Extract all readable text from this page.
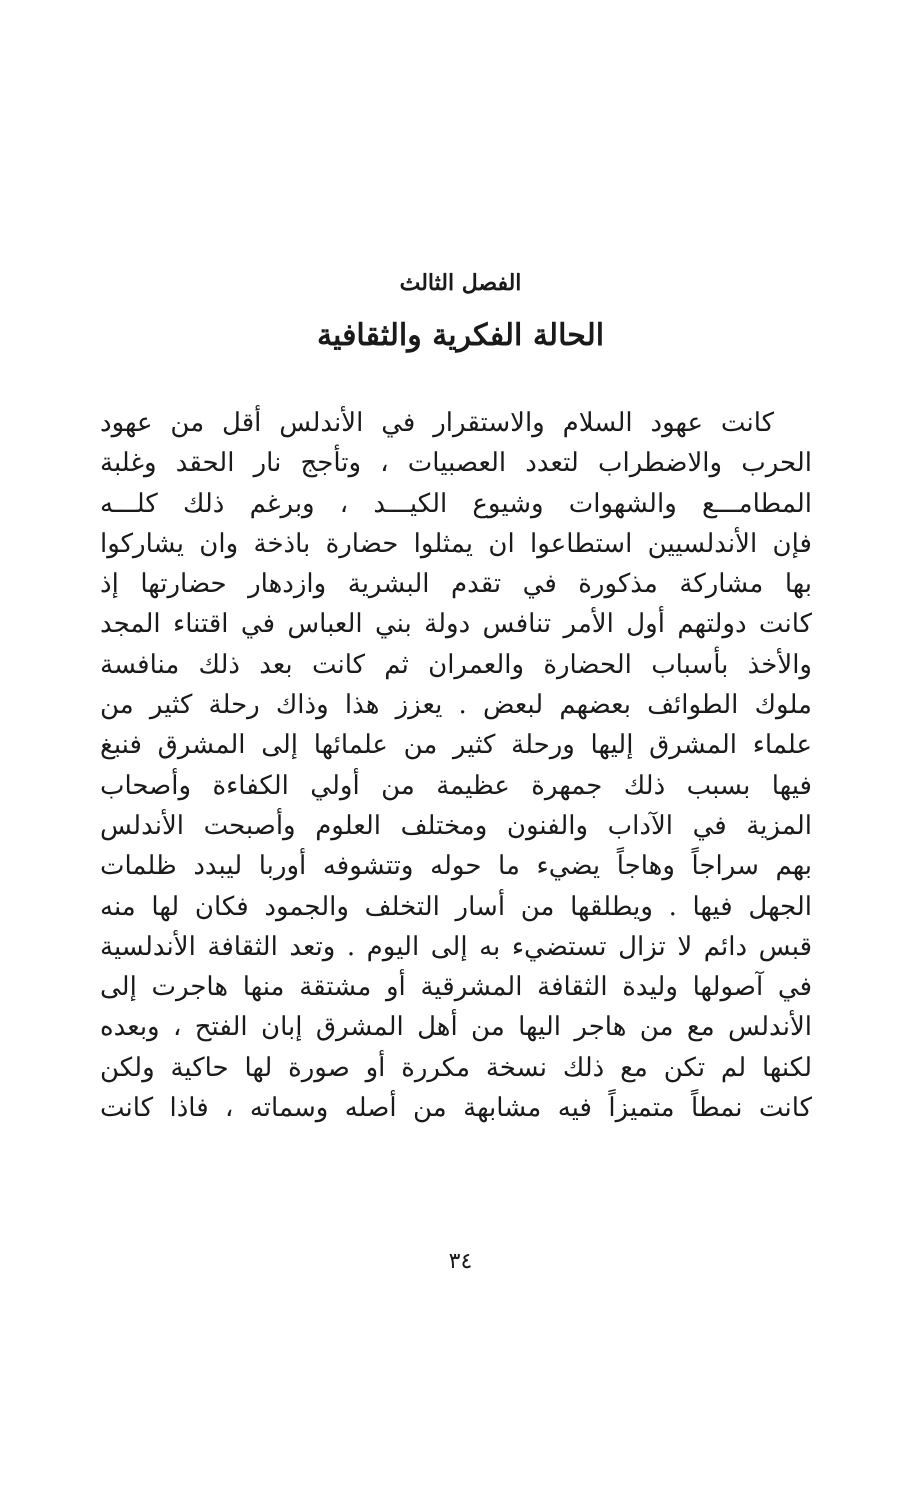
الفصل الثالث
الحالة الفكرية والثقافية
كانت عهود السلام والاستقرار في الأندلس أقل من عهود
الحرب والاضطراب لتعدد العصبيات ، وتأجج نار الحقد وغلبة
المطامـــع والشهوات وشيوع الكيـــد ، وبرغم ذلك كلـــه
فإن الأندلسيين استطاعوا ان يمثلوا حضارة باذخة وان يشاركوا
بها مشاركة مذكورة في تقدم البشرية وازدهار حضارتها إذ
كانت دولتهم أول الأمر تنافس دولة بني العباس في اقتناء المجد
والأخذ بأسباب الحضارة والعمران ثم كانت بعد ذلك منافسة
ملوك الطوائف بعضهم لبعض . يعزز هذا وذاك رحلة كثير من
علماء المشرق إليها ورحلة كثير من علمائها إلى المشرق فنبغ
فيها بسبب ذلك جمهرة عظيمة من أولي الكفاءة وأصحاب
المزية في الآداب والفنون ومختلف العلوم وأصبحت الأندلس
بهم سراجاً وهاجاً يضيء ما حوله وتتشوفه أوربا ليبدد ظلمات
الجهل فيها . ويطلقها من أسار التخلف والجمود فكان لها منه
قبس دائم لا تزال تستضيء به إلى اليوم . وتعد الثقافة الأندلسية
في آصولها وليدة الثقافة المشرقية أو مشتقة منها هاجرت إلى
الأندلس مع من هاجر اليها من أهل المشرق إبان الفتح ، وبعده
لكنها لم تكن مع ذلك نسخة مكررة أو صورة لها حاكية ولكن
كانت نمطاً متميزاً فيه مشابهة من أصله وسماته ، فاذا كانت
٣٤
